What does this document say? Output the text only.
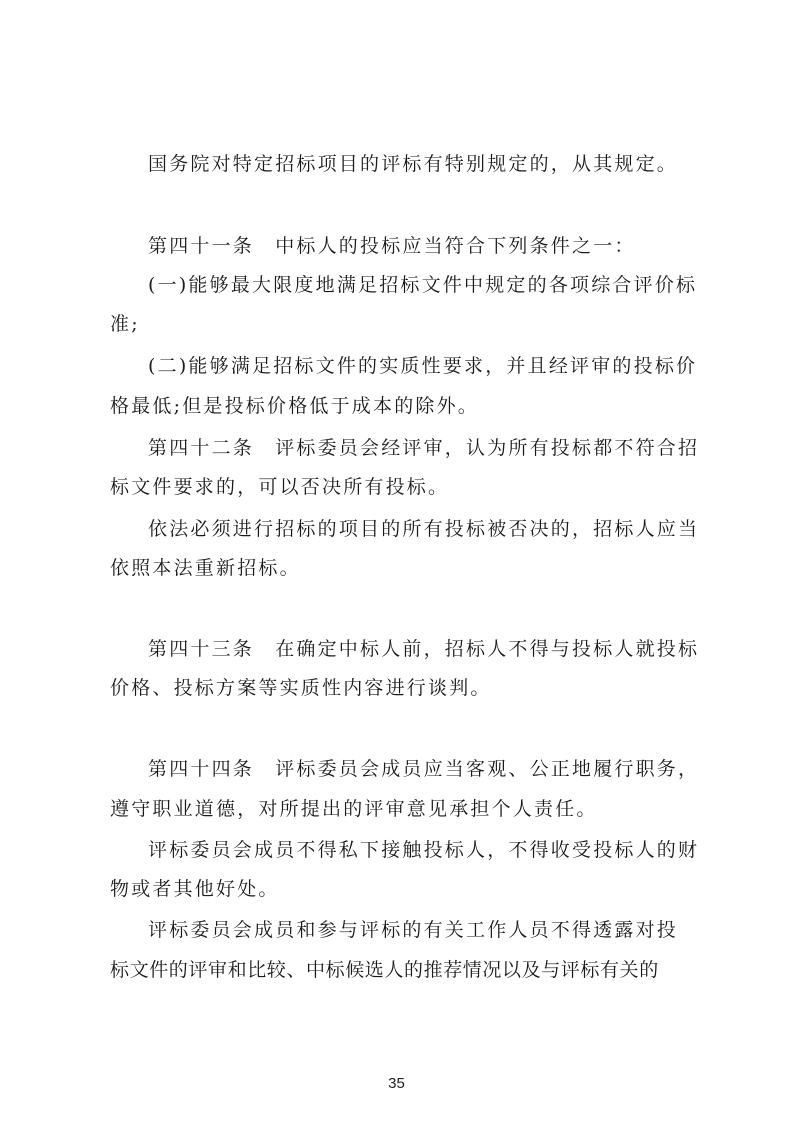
国务院对特定招标项目的评标有特别规定的，从其规定。

第四十一条　中标人的投标应当符合下列条件之一：

(一)能够最大限度地满足招标文件中规定的各项综合评价标

准;

(二)能够满足招标文件的实质性要求，并且经评审的投标价

格最低;但是投标价格低于成本的除外。

第四十二条　评标委员会经评审，认为所有投标都不符合招

标文件要求的，可以否决所有投标。

依法必须进行招标的项目的所有投标被否决的，招标人应当

依照本法重新招标。

第四十三条　在确定中标人前，招标人不得与投标人就投标

价格、投标方案等实质性内容进行谈判。

第四十四条　评标委员会成员应当客观、公正地履行职务，

遵守职业道德，对所提出的评审意见承担个人责任。

评标委员会成员不得私下接触投标人，不得收受投标人的财

物或者其他好处。

评标委员会成员和参与评标的有关工作人员不得透露对投

标文件的评审和比较、中标候选人的推荐情况以及与评标有关的

35
